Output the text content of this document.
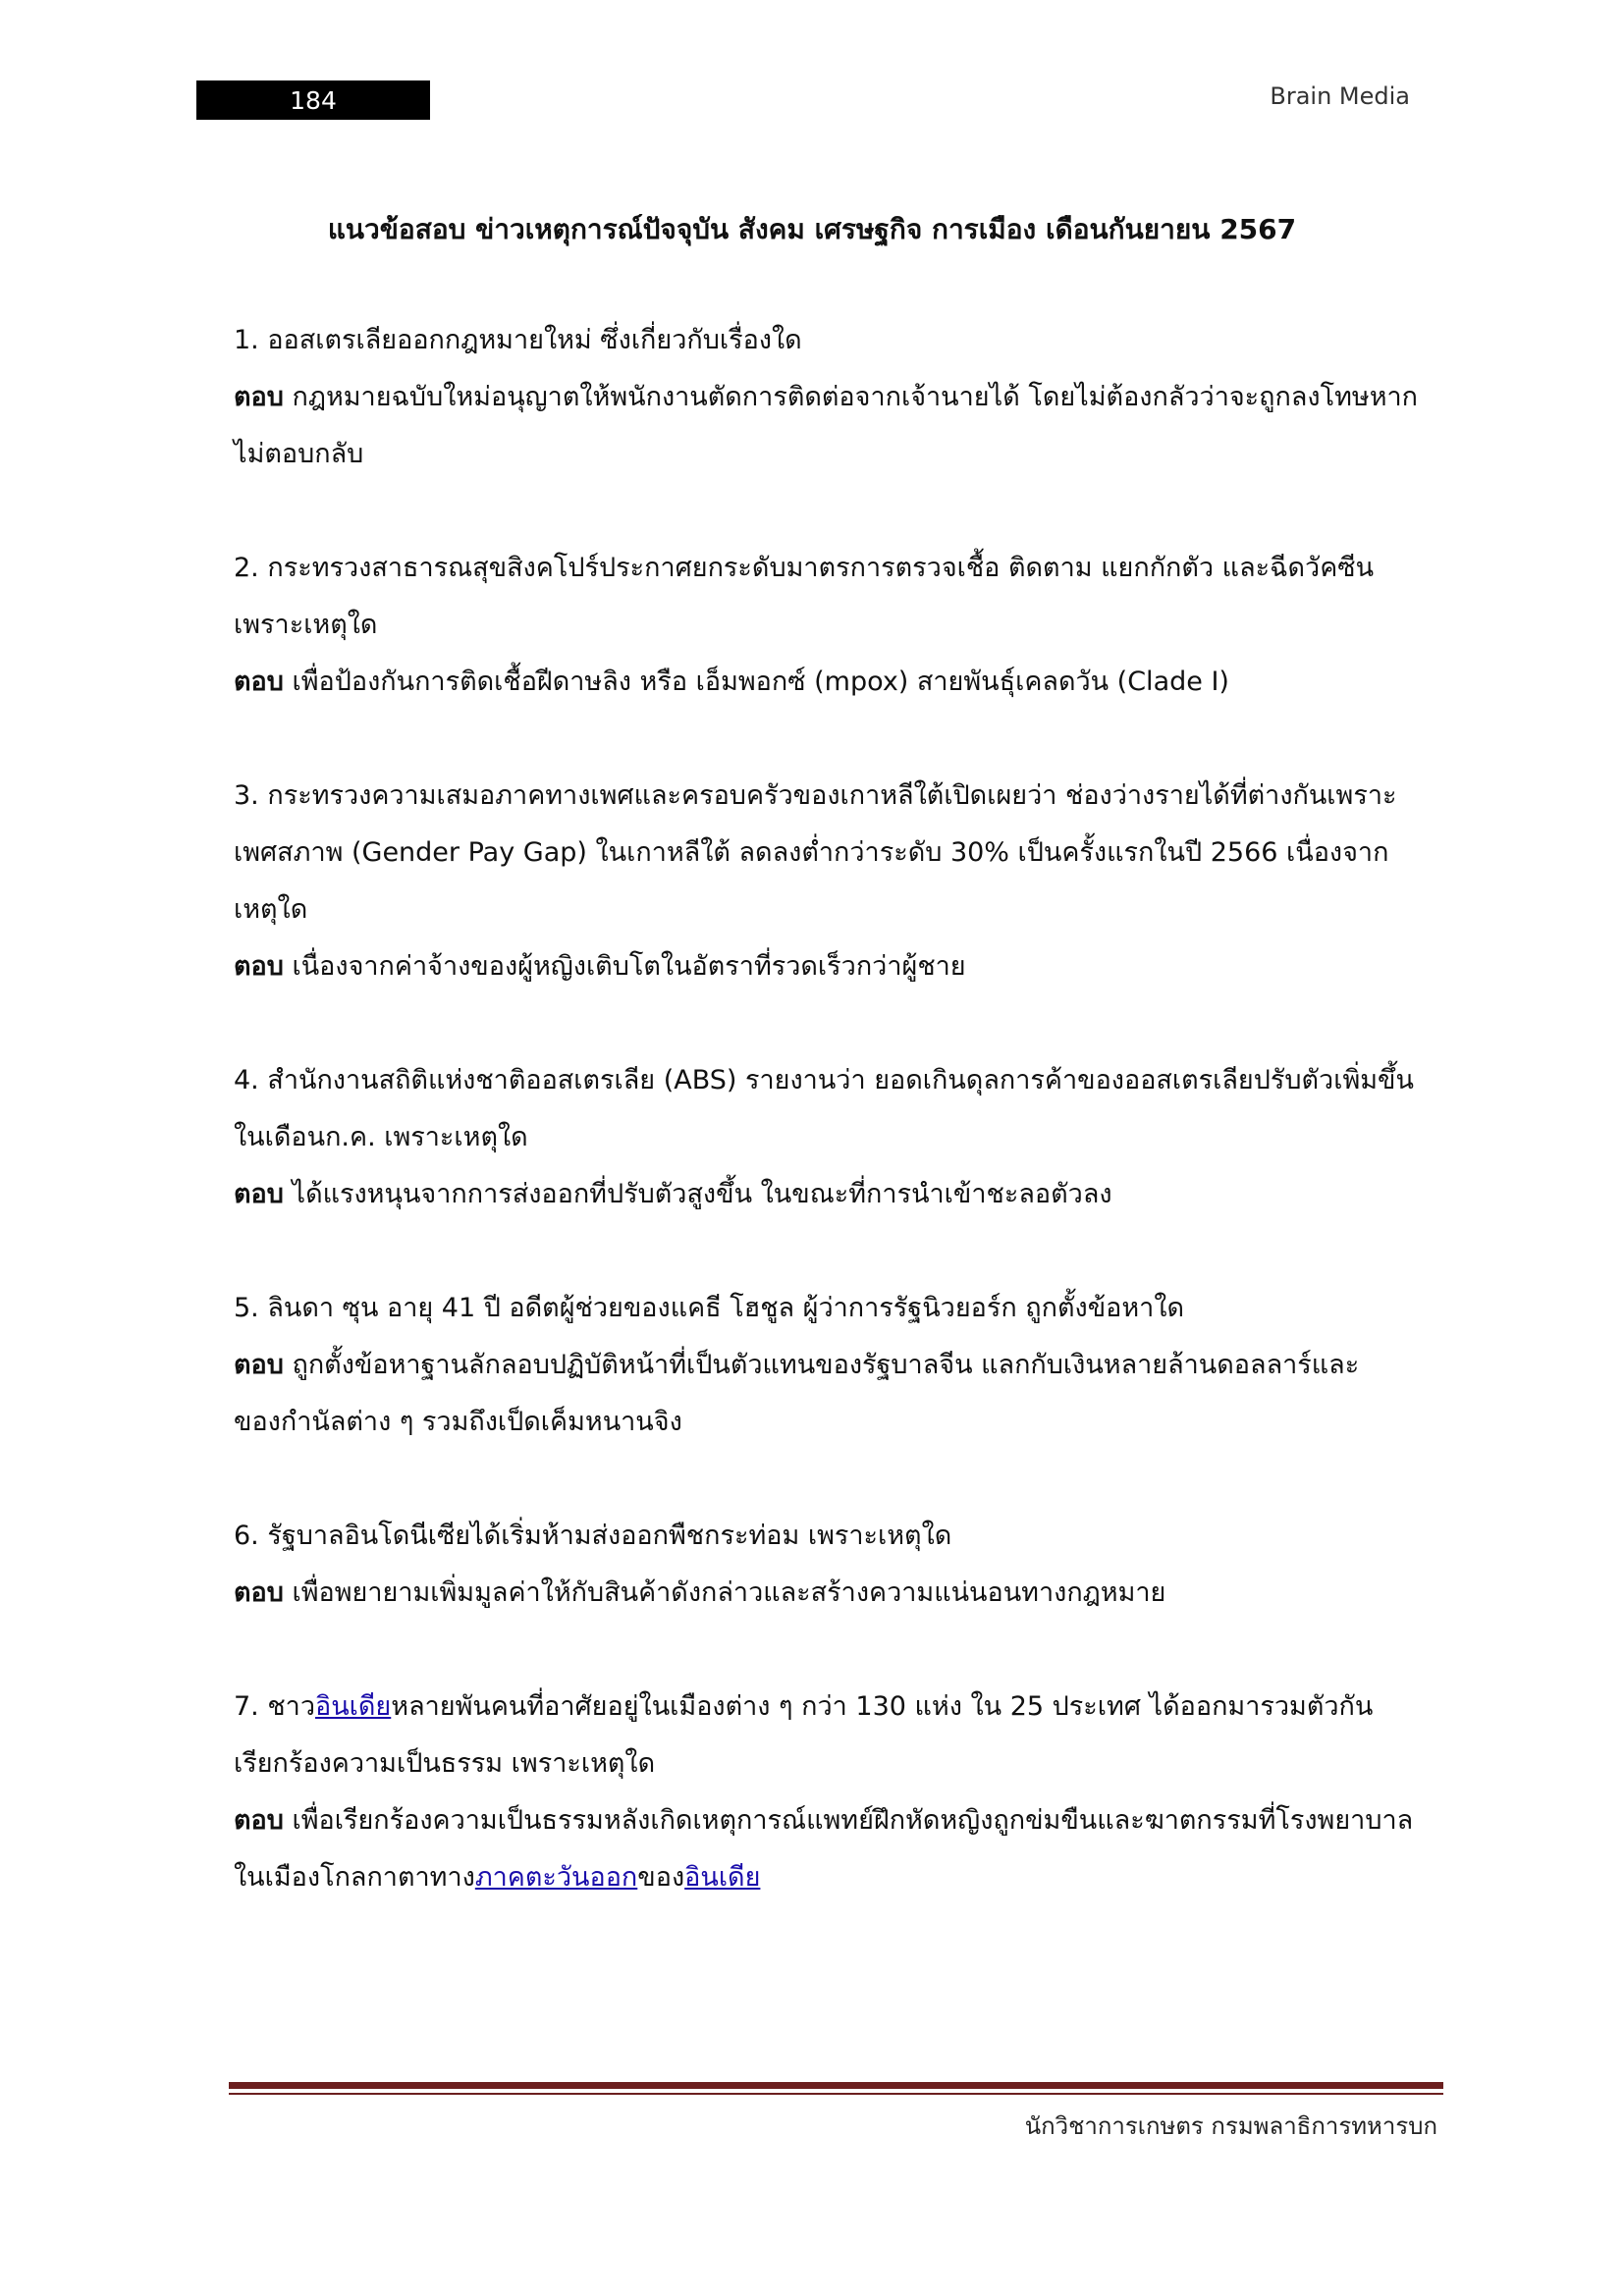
184	Brain Media
แนวข้อสอบ ข่าวเหตุการณ์ปัจจุบัน สังคม เศรษฐกิจ การเมือง เดือนกันยายน 2567
1. ออสเตรเลียออกกฎหมายใหม่ ซึ่งเกี่ยวกับเรื่องใด
ตอบ กฎหมายฉบับใหม่อนุญาตให้พนักงานตัดการติดต่อจากเจ้านายได้ โดยไม่ต้องกลัวว่าจะถูกลงโทษหาก
ไม่ตอบกลับ
2. กระทรวงสาธารณสุขสิงคโปร์ประกาศยกระดับมาตรการตรวจเชื้อ ติดตาม แยกกักตัว และฉีดวัคซีน
เพราะเหตุใด
ตอบ เพื่อป้องกันการติดเชื้อฝีดาษลิง หรือ เอ็มพอกซ์ (mpox) สายพันธุ์เคลดวัน (Clade I)
3. กระทรวงความเสมอภาคทางเพศและครอบครัวของเกาหลีใต้เปิดเผยว่า ช่องว่างรายได้ที่ต่างกันเพราะ
เพศสภาพ (Gender Pay Gap) ในเกาหลีใต้ ลดลงต่ำกว่าระดับ 30% เป็นครั้งแรกในปี 2566 เนื่องจาก
เหตุใด
ตอบ เนื่องจากค่าจ้างของผู้หญิงเติบโตในอัตราที่รวดเร็วกว่าผู้ชาย
4. สำนักงานสถิติแห่งชาติออสเตรเลีย (ABS) รายงานว่า ยอดเกินดุลการค้าของออสเตรเลียปรับตัวเพิ่มขึ้น
ในเดือนก.ค. เพราะเหตุใด
ตอบ ได้แรงหนุนจากการส่งออกที่ปรับตัวสูงขึ้น ในขณะที่การนำเข้าชะลอตัวลง
5. ลินดา ซุน อายุ 41 ปี อดีตผู้ช่วยของแคธี โฮชูล ผู้ว่าการรัฐนิวยอร์ก ถูกตั้งข้อหาใด
ตอบ ถูกตั้งข้อหาฐานลักลอบปฏิบัติหน้าที่เป็นตัวแทนของรัฐบาลจีน แลกกับเงินหลายล้านดอลลาร์และ
ของกำนัลต่าง ๆ รวมถึงเป็ดเค็มหนานจิง
6. รัฐบาลอินโดนีเซียได้เริ่มห้ามส่งออกพืชกระท่อม เพราะเหตุใด
ตอบ เพื่อพยายามเพิ่มมูลค่าให้กับสินค้าดังกล่าวและสร้างความแน่นอนทางกฎหมาย
7. ชาวอินเดียหลายพันคนที่อาศัยอยู่ในเมืองต่าง ๆ กว่า 130 แห่ง ใน 25 ประเทศ ได้ออกมารวมตัวกัน
เรียกร้องความเป็นธรรม เพราะเหตุใด
ตอบ เพื่อเรียกร้องความเป็นธรรมหลังเกิดเหตุการณ์แพทย์ฝึกหัดหญิงถูกข่มขืนและฆาตกรรมที่โรงพยาบาล
ในเมืองโกลกาตาทางภาคตะวันออกของอินเดีย
นักวิชาการเกษตร กรมพลาธิการทหารบก
